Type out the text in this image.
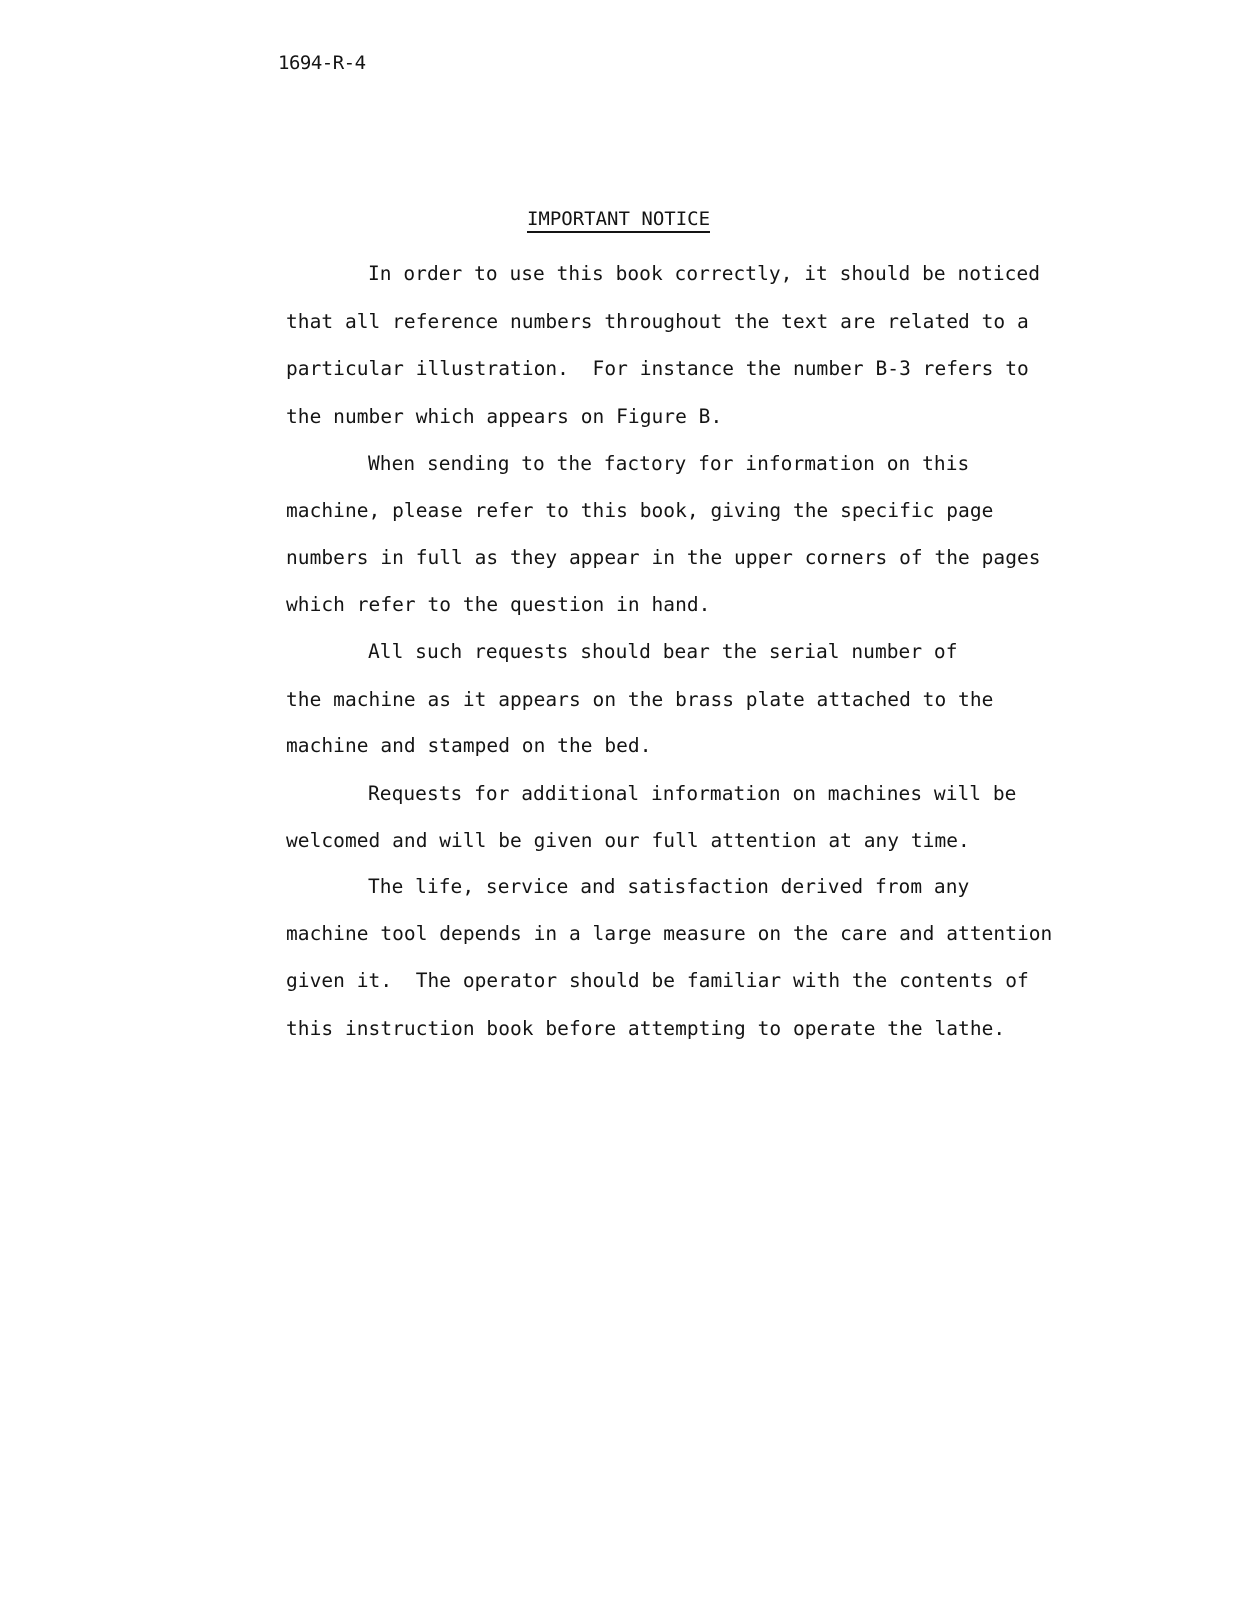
1694-R-4
IMPORTANT NOTICE
In order to use this book correctly, it should be noticed
that all reference numbers throughout the text are related to a
particular illustration.  For instance the number B-3 refers to
the number which appears on Figure B.
When sending to the factory for information on this
machine, please refer to this book, giving the specific page
numbers in full as they appear in the upper corners of the pages
which refer to the question in hand.
All such requests should bear the serial number of
the machine as it appears on the brass plate attached to the
machine and stamped on the bed.
Requests for additional information on machines will be
welcomed and will be given our full attention at any time.
The life, service and satisfaction derived from any
machine tool depends in a large measure on the care and attention
given it.  The operator should be familiar with the contents of
this instruction book before attempting to operate the lathe.
